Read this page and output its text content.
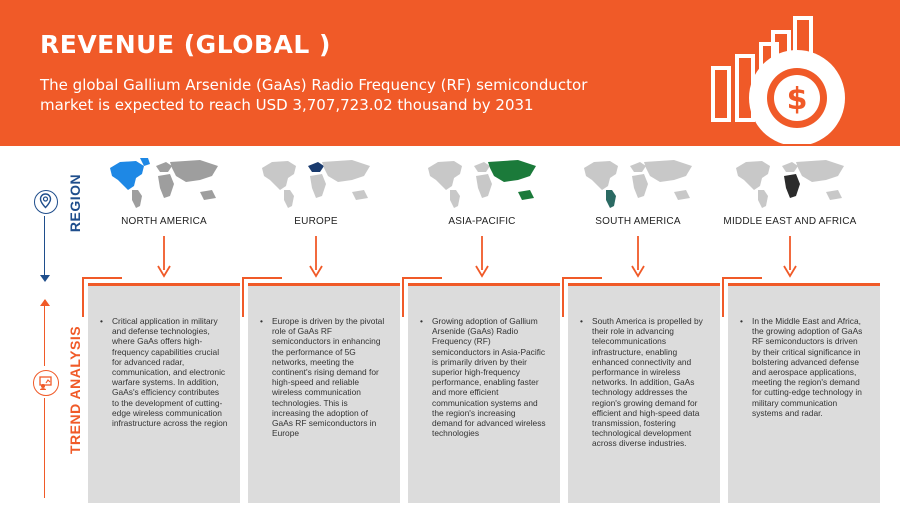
REVENUE (GLOBAL )
The global Gallium Arsenide (GaAs) Radio Frequency (RF) semiconductor market is expected to reach USD 3,707,723.02 thousand by 2031	$
REGION
TREND ANALYSIS
NORTH AMERICA	EUROPE	ASIA-PACIFIC	SOUTH AMERICA	MIDDLE EAST AND AFRICA
• Critical application in military and defense technologies, where GaAs offers high-frequency capabilities crucial for advanced radar, communication, and electronic warfare systems. In addition, GaAs's efficiency contributes to the development of cutting-edge wireless communication infrastructure across the region
• Europe is driven by the pivotal role of GaAs RF semiconductors in enhancing the performance of 5G networks, meeting the continent's rising demand for high-speed and reliable wireless communication technologies. This is increasing the adoption of GaAs RF semiconductors in Europe
• Growing adoption of Gallium Arsenide (GaAs) Radio Frequency (RF) semiconductors in Asia-Pacific is primarily driven by their superior high-frequency performance, enabling faster and more efficient communication systems and the region's increasing demand for advanced wireless technologies
• South America is propelled by their role in advancing telecommunications infrastructure, enabling enhanced connectivity and performance in wireless networks. In addition, GaAs technology addresses the region's growing demand for efficient and high-speed data transmission, fostering technological development across diverse industries.
• In the Middle East and Africa, the growing adoption of GaAs RF semiconductors is driven by their critical significance in bolstering advanced defense and aerospace applications, meeting the region's demand for cutting-edge technology in military communication systems and radar.
